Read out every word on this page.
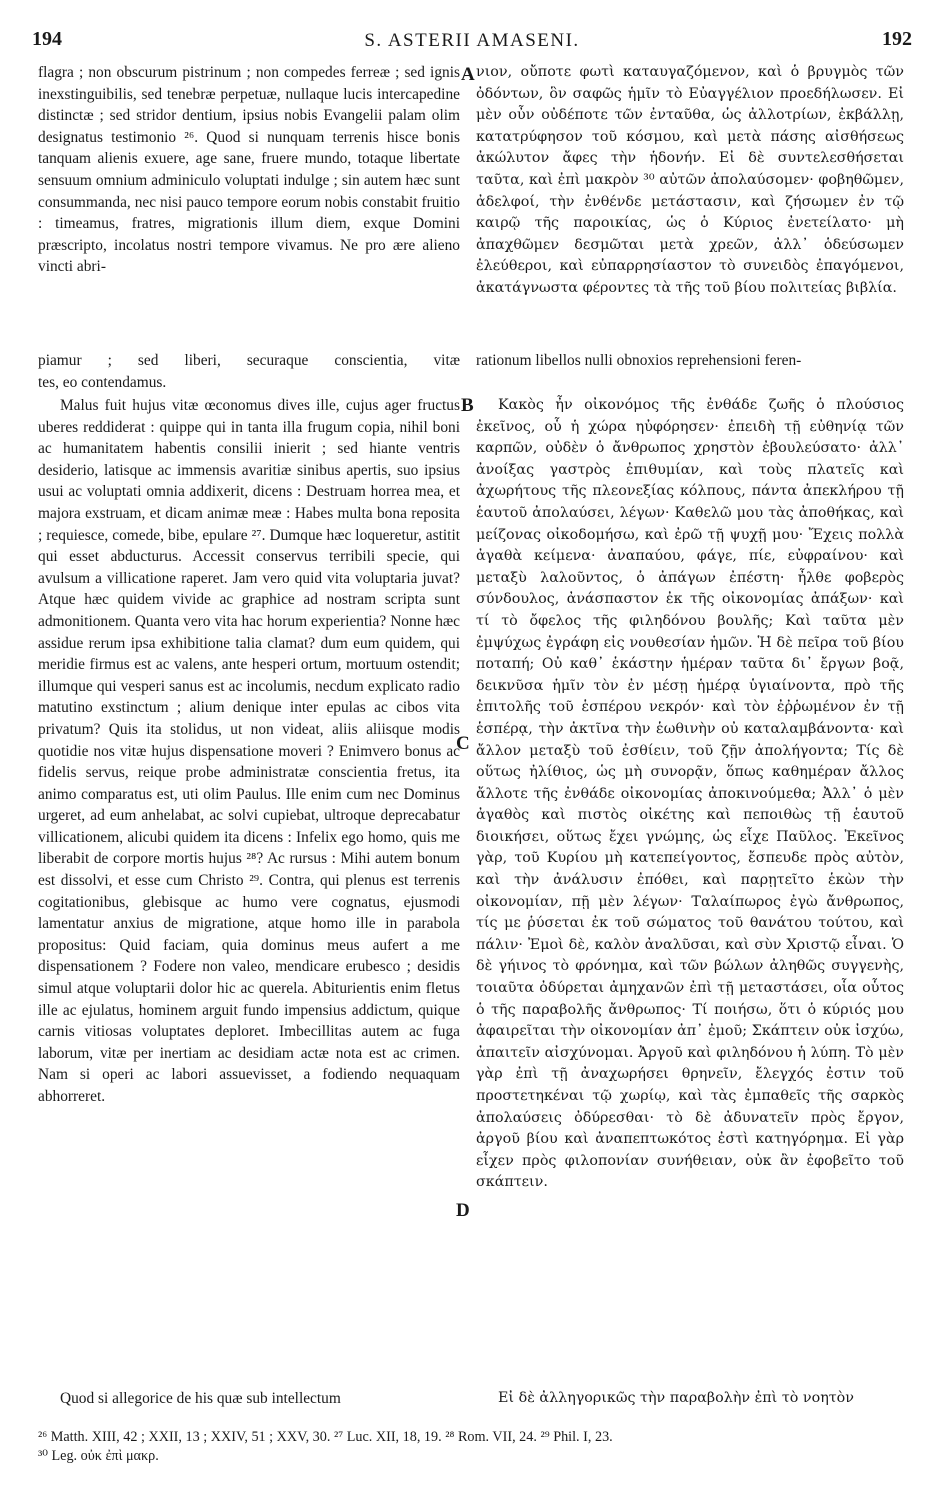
194	S. ASTERII AMASENI.	192

flagra ; non obscurum pistrinum ; non compedes ferreæ ; sed ignis inexstinguibilis, sed tenebræ perpetuæ, nullaque lucis intercapedine distinctæ ; sed stridor dentium, ipsius nobis Evangelii palam olim designatus testimonio ²⁶. Quod si nunquam terrenis hisce bonis tanquam alienis exuere, age sane, fruere mundo, totaque libertate sensuum omnium adminiculo voluptati indulge ; sin autem hæc sunt consummanda, nec nisi pauco tempore eorum nobis constabit fruitio : timeamus, fratres, migrationis illum diem, exque Domini præscripto, incolatus nostri tempore vivamus. Ne pro ære alieno vincti abri-

νιον, οὔποτε φωτὶ καταυγαζόμενον, καὶ ὁ βρυγμὸς τῶν ὀδόντων, ὃν σαφῶς ἡμῖν τὸ Εὐαγγέλιον προεδήλωσεν. Εἰ μὲν οὖν οὐδέποτε τῶν ἐνταῦθα, ὡς ἀλλοτρίων, ἐκβάλλῃ, κατατρύφησον τοῦ κόσμου, καὶ μετὰ πάσης αἰσθήσεως ἀκώλυτον ἄφες τὴν ἡδονήν. Εἰ δὲ συντελεσθήσεται ταῦτα, καὶ ἐπὶ μακρὸν ³⁰ αὐτῶν ἀπολαύσομεν· φοβηθῶμεν, ἀδελφοί, τὴν ἐνθένδε μετάστασιν, καὶ ζήσωμεν ἐν τῷ καιρῷ τῆς παροικίας, ὡς ὁ Κύριος ἐνετείλατο· μὴ ἀπαχθῶμεν δεσμῶται μετὰ χρεῶν, ἀλλ᾽ ὁδεύσωμεν ἐλεύθεροι, καὶ εὐπαρρησίαστον τὸ συνειδὸς ἐπαγόμενοι, ἀκατάγνωστα φέροντες τὰ τῆς τοῦ βίου πολιτείας βιβλία.

piamur ; sed liberi, securaque conscientia, vitæ
tes, eo contendamus.
rationum libellos nulli obnoxios reprehensioni feren-

Malus fuit hujus vitæ œconomus dives ille, cujus ager fructus uberes reddiderat : quippe qui in tanta illa frugum copia, nihil boni ac humanitatem habentis consilii inierit ; sed hiante ventris desiderio, latisque ac immensis avaritiæ sinibus apertis, suo ipsius usui ac voluptati omnia addixerit, dicens : Destruam horrea mea, et majora exstruam, et dicam animæ meæ : Habes multa bona reposita ; requiesce, comede, bibe, epulare ²⁷. Dumque hæc loqueretur, astitit qui esset abducturus. Accessit conservus terribili specie, qui avulsum a villicatione raperet. Jam vero quid vita voluptaria juvat? Atque hæc quidem vivide ac graphice ad nostram scripta sunt admonitionem. Quanta vero vita hac horum experientia? Nonne hæc assidue rerum ipsa exhibitione talia clamat? dum eum quidem, qui meridie firmus est ac valens, ante hesperi ortum, mortuum ostendit; illumque qui vesperi sanus est ac incolumis, necdum explicato radio matutino exstinctum ; alium denique inter epulas ac cibos vita privatum? Quis ita stolidus, ut non videat, aliis aliisque modis quotidie nos vitæ hujus dispensatione moveri ? Enimvero bonus ac fidelis servus, reique probe administratæ conscientia fretus, ita animo comparatus est, uti olim Paulus. Ille enim cum nec Dominus urgeret, ad eum anhelabat, ac solvi cupiebat, ultroque deprecabatur villicationem, alicubi quidem ita dicens : Infelix ego homo, quis me liberabit de corpore mortis hujus ²⁸? Ac rursus : Mihi autem bonum est dissolvi, et esse cum Christo ²⁹. Contra, qui plenus est terrenis cogitationibus, glebisque ac humo vere cognatus, ejusmodi lamentatur anxius de migratione, atque homo ille in parabola propositus: Quid faciam, quia dominus meus aufert a me dispensationem ? Fodere non valeo, mendicare erubesco ; desidis simul atque voluptarii dolor hic ac querela. Abiturientis enim fletus ille ac ejulatus, hominem arguit fundo impensius addictum, quique carnis vitiosas voluptates deploret. Imbecillitas autem ac fuga laborum, vitæ per inertiam ac desidiam actæ nota est ac crimen. Nam si operi ac labori assuevisset, a fodiendo nequaquam abhorreret.

Κακὸς ἦν οἰκονόμος τῆς ἐνθάδε ζωῆς ὁ πλούσιος ἐκεῖνος, οὗ ἡ χώρα ηὐφόρησεν· ἐπειδὴ τῇ εὐθηνίᾳ τῶν καρπῶν, οὐδὲν ὁ ἄνθρωπος χρηστὸν ἐβουλεύσατο· ἀλλ᾽ ἀνοίξας γαστρὸς ἐπιθυμίαν, καὶ τοὺς πλατεῖς καὶ ἀχωρήτους τῆς πλεονεξίας κόλπους, πάντα ἀπεκλήρου τῇ ἑαυτοῦ ἀπολαύσει, λέγων· Καθελῶ μου τὰς ἀποθήκας, καὶ μείζονας οἰκοδομήσω, καὶ ἐρῶ τῇ ψυχῇ μου· Ἔχεις πολλὰ ἀγαθὰ κείμενα· ἀναπαύου, φάγε, πίε, εὐφραίνου· καὶ μεταξὺ λαλοῦντος, ὁ ἀπάγων ἐπέστη· ἦλθε φοβερὸς σύνδουλος, ἀνάσπαστον ἐκ τῆς οἰκονομίας ἀπάξων· καὶ τί τὸ ὄφελος τῆς φιληδόνου βουλῆς; Καὶ ταῦτα μὲν ἐμψύχως ἐγράφη εἰς νουθεσίαν ἡμῶν. Ἡ δὲ πεῖρα τοῦ βίου ποταπή; Οὐ καθ᾽ ἑκάστην ἡμέραν ταῦτα δι᾽ ἔργων βοᾷ, δεικνῦσα ἡμῖν τὸν ἐν μέσῃ ἡμέρᾳ ὑγιαίνοντα, πρὸ τῆς ἐπιτολῆς τοῦ ἑσπέρου νεκρόν· καὶ τὸν ἐῤῥωμένον ἐν τῇ ἑσπέρᾳ, τὴν ἀκτῖνα τὴν ἑωθινὴν οὐ καταλαμβάνοντα· καὶ ἄλλον μεταξὺ τοῦ ἐσθίειν, τοῦ ζῇν ἀπολήγοντα; Τίς δὲ οὕτως ἠλίθιος, ὡς μὴ συνορᾷν, ὅπως καθημέραν ἄλλος ἄλλοτε τῆς ἐνθάδε οἰκονομίας ἀποκινούμεθα; Ἀλλ᾽ ὁ μὲν ἀγαθὸς καὶ πιστὸς οἰκέτης καὶ πεποιθὼς τῇ ἑαυτοῦ διοικήσει, οὕτως ἔχει γνώμης, ὡς εἶχε Παῦλος. Ἐκεῖνος γὰρ, τοῦ Κυρίου μὴ κατεπείγοντος, ἔσπευδε πρὸς αὐτὸν, καὶ τὴν ἀνάλυσιν ἐπόθει, καὶ παρῃτεῖτο ἑκὼν τὴν οἰκονομίαν, πῇ μὲν λέγων· Ταλαίπωρος ἐγὼ ἄνθρωπος, τίς με ῥύσεται ἐκ τοῦ σώματος τοῦ θανάτου τούτου, καὶ πάλιν· Ἐμοὶ δὲ, καλὸν ἀναλῦσαι, καὶ σὺν Χριστῷ εἶναι. Ὁ δὲ γήινος τὸ φρόνημα, καὶ τῶν βώλων ἀληθῶς συγγενὴς, τοιαῦτα ὀδύρεται ἀμηχανῶν ἐπὶ τῇ μεταστάσει, οἷα οὗτος ὁ τῆς παραβολῆς ἄνθρωπος· Τί ποιήσω, ὅτι ὁ κύριός μου ἀφαιρεῖται τὴν οἰκονομίαν ἀπ᾽ ἐμοῦ; Σκάπτειν οὐκ ἰσχύω, ἀπαιτεῖν αἰσχύνομαι. Ἀργοῦ καὶ φιληδόνου ἡ λύπη. Τὸ μὲν γὰρ ἐπὶ τῇ ἀναχωρήσει θρηνεῖν, ἔλεγχός ἐστιν τοῦ προστετηκέναι τῷ χωρίῳ, καὶ τὰς ἐμπαθεῖς τῆς σαρκὸς ἀπολαύσεις ὀδύρεσθαι· τὸ δὲ ἀδυνατεῖν πρὸς ἔργον, ἀργοῦ βίου καὶ ἀναπεπτωκότος ἐστὶ κατηγόρημα. Εἰ γὰρ εἶχεν πρὸς φιλοπονίαν συνήθειαν, οὐκ ἂν ἐφοβεῖτο τοῦ σκάπτειν.

Quod si allegorice de his quæ sub intellectum	Εἰ δὲ ἀλληγορικῶς τὴν παραβολὴν ἐπὶ τὸ νοητὸν

A
B
C
D
²⁶ Matth. XIII, 42 ; XXII, 13 ; XXIV, 51 ; XXV, 30. ²⁷ Luc. XII, 18, 19. ²⁸ Rom. VII, 24. ²⁹ Phil. I, 23.
³⁰ Leg. οὐκ ἐπὶ μακρ.
